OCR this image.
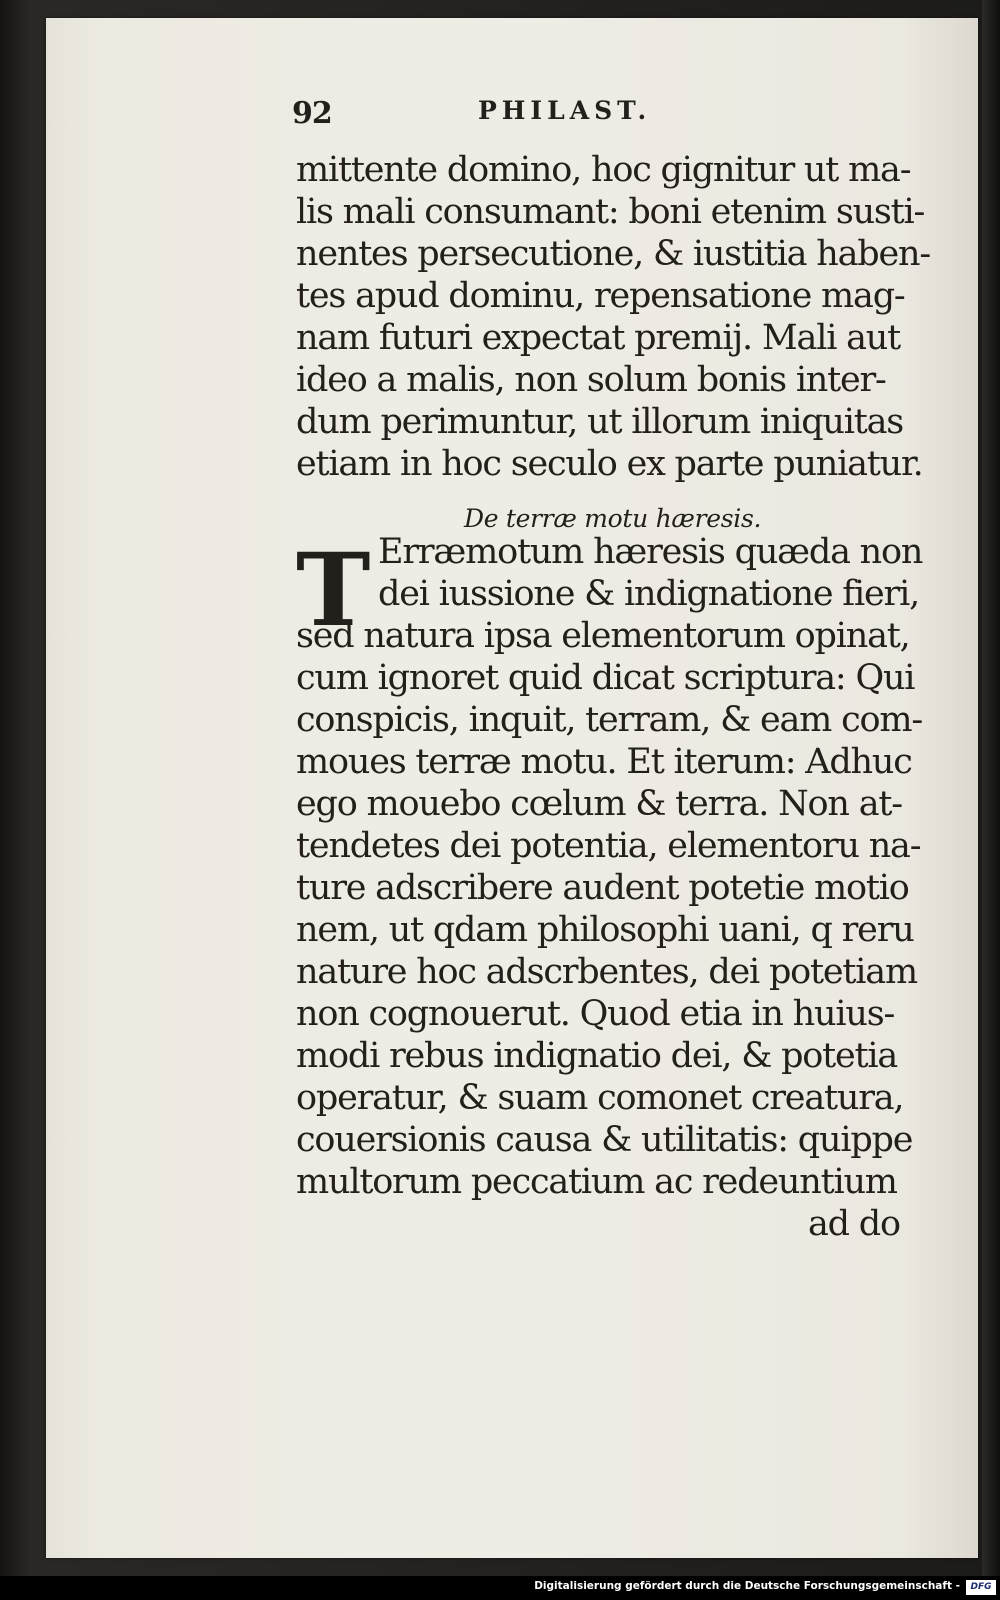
92	PHILAST.
mittente domino, hoc gignitur ut ma-
lis mali consumant: boni etenim susti-
nentes persecutione, & iustitia haben-
tes apud dominu, repensatione mag-
nam futuri expectat premij. Mali aut
ideo a malis, non solum bonis inter-
dum perimuntur, ut illorum iniquitas
etiam in hoc seculo ex parte puniatur.
De terræ motu hæresis.
T Erræmotum hæresis quæda non
dei iussione & indignatione fieri,
sed natura ipsa elementorum opinat,
cum ignoret quid dicat scriptura: Qui
conspicis, inquit, terram, & eam com-
moues terræ motu. Et iterum: Adhuc
ego mouebo cœlum & terra. Non at-
tendetes dei potentia, elementoru na-
ture adscribere audent potetie motio
nem, ut qdam philosophi uani, q reru
nature hoc adscrbentes, dei potetiam
non cognouerut. Quod etia in huius-
modi rebus indignatio dei, & potetia
operatur, & suam comonet creatura,
couersionis causa & utilitatis: quippe
multorum peccatium ac redeuntium
ad do
Digitalisierung gefördert durch die Deutsche Forschungsgemeinschaft -	DFG
